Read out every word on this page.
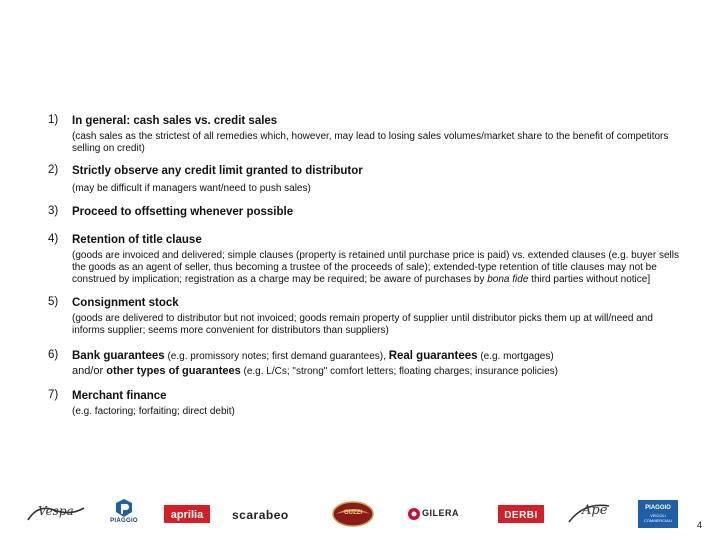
1) In general: cash sales vs. credit sales
(cash sales as the strictest of all remedies which, however, may lead to losing sales volumes/market share to the benefit of competitors selling on credit)
2) Strictly observe any credit limit granted to distributor
(may be difficult if managers want/need to push sales)
3) Proceed to offsetting whenever possible
4) Retention of title clause
(goods are invoiced and delivered; simple clauses (property is retained until purchase price is paid) vs. extended clauses (e.g. buyer sells the goods as an agent of seller, thus becoming a trustee of the proceeds of sale); extended-type retention of title clauses may not be construed by implication; registration as a charge may be required; be aware of purchases by bona fide third parties without notice]
5) Consignment stock
(goods are delivered to distributor but not invoiced; goods remain property of supplier until distributor picks them up at will/need and informs supplier; seems more convenient for distributors than suppliers)
6) Bank guarantees (e.g. promissory notes; first demand guarantees), Real guarantees (e.g. mortgages)
and/or other types of guarantees (e.g. L/Cs; "strong" comfort letters; floating charges; insurance policies)
7) Merchant finance
(e.g. factoring; forfaiting; direct debit)
Vespa
PIAGGIO	aprilia	scarabeo	GUZZI	GILERA	DERBI	Ape	PIAGGIO
VEICOLI COMMERCIALI	4
